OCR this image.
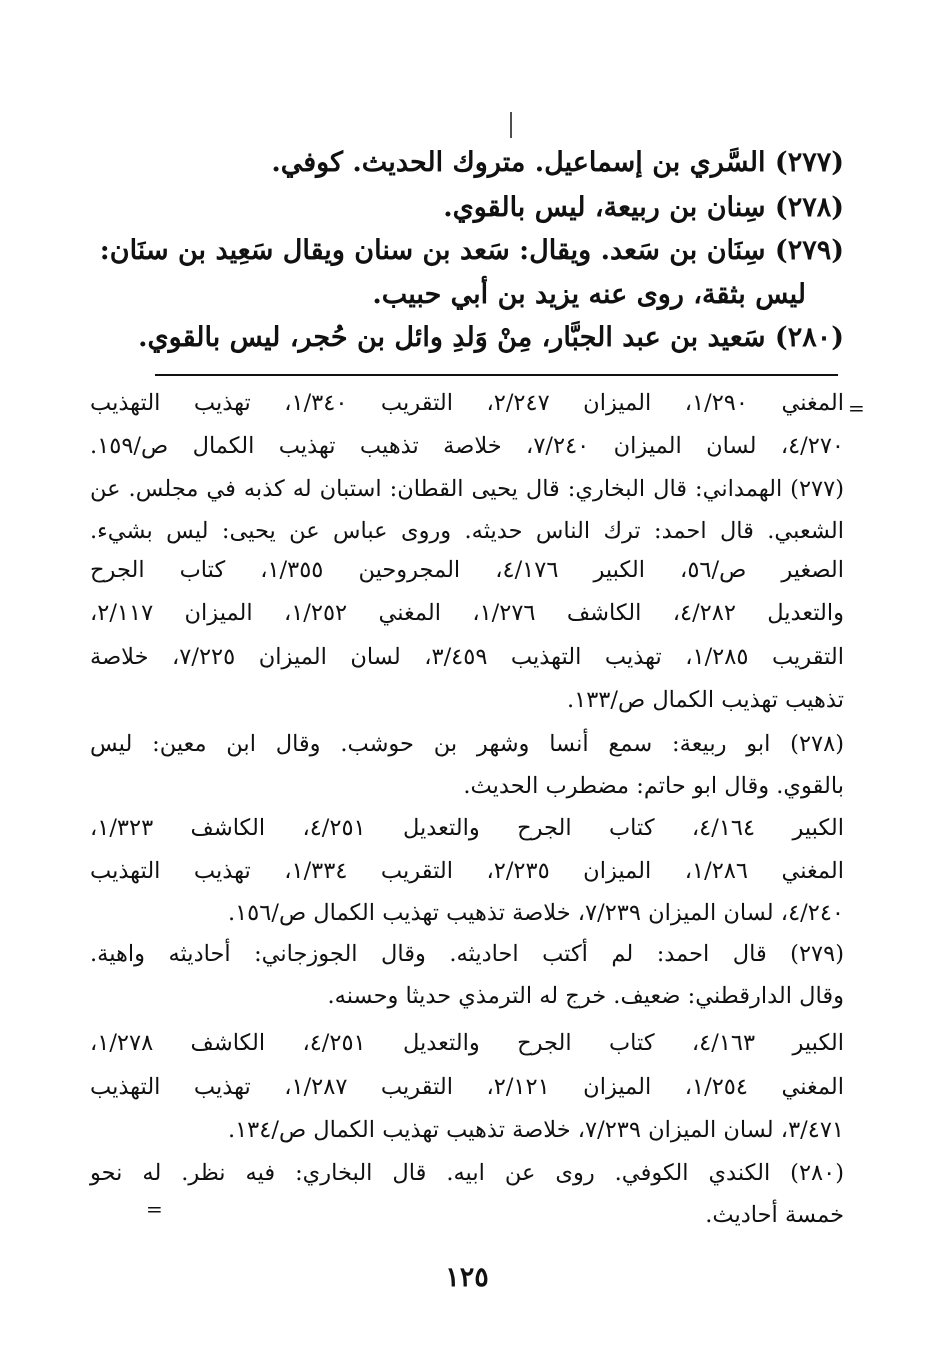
(٢٧٧) السَّري بن إسماعيل. متروك الحديث. كوفي.
(٢٧٨) سِنان بن ربيعة، ليس بالقوي.
(٢٧٩) سِنَان بن سَعد. ويقال: سَعد بن سنان ويقال سَعِيد بن سنَان:
ليس بثقة، روى عنه يزيد بن أبي حبيب.
(٢٨٠) سَعيد بن عبد الجبَّار، مِنْ وَلدِ وائل بن حُجر، ليس بالقوي.
=
المغني ١/٢٩٠، الميزان ٢/٢٤٧، التقريب ١/٣٤٠، تهذيب التهذيب
٤/٢٧٠، لسان الميزان ٧/٢٤٠، خلاصة تذهيب تهذيب الكمال ص/١٥٩.
(٢٧٧) الهمداني: قال البخاري: قال يحيى القطان: استبان له كذبه في مجلس. عن
الشعبي. قال احمد: ترك الناس حديثه. وروى عباس عن يحيى: ليس بشيء.
الصغير ص/٥٦، الكبير ٤/١٧٦، المجروحين ١/٣٥٥، كتاب الجرح
والتعديل ٤/٢٨٢، الكاشف ١/٢٧٦، المغني ١/٢٥٢، الميزان ٢/١١٧،
التقريب ١/٢٨٥، تهذيب التهذيب ٣/٤٥٩، لسان الميزان ٧/٢٢٥، خلاصة
تذهيب تهذيب الكمال ص/١٣٣.
(٢٧٨) ابو ربيعة: سمع أنسا وشهر بن حوشب. وقال ابن معين: ليس
بالقوي. وقال ابو حاتم: مضطرب الحديث.
الكبير ٤/١٦٤، كتاب الجرح والتعديل ٤/٢٥١، الكاشف ١/٣٢٣،
المغني ١/٢٨٦، الميزان ٢/٢٣٥، التقريب ١/٣٣٤، تهذيب التهذيب
٤/٢٤٠، لسان الميزان ٧/٢٣٩، خلاصة تذهيب تهذيب الكمال ص/١٥٦.
(٢٧٩) قال احمد: لم أكتب احاديثه. وقال الجوزجاني: أحاديثه واهية.
وقال الدارقطني: ضعيف. خرج له الترمذي حديثا وحسنه.
الكبير ٤/١٦٣، كتاب الجرح والتعديل ٤/٢٥١، الكاشف ١/٢٧٨،
المغني ١/٢٥٤، الميزان ٢/١٢١، التقريب ١/٢٨٧، تهذيب التهذيب
٣/٤٧١، لسان الميزان ٧/٢٣٩، خلاصة تذهيب تهذيب الكمال ص/١٣٤.
(٢٨٠) الكندي الكوفي. روى عن ابيه. قال البخاري: فيه نظر. له نحو
خمسة أحاديث.
=
١٢٥
